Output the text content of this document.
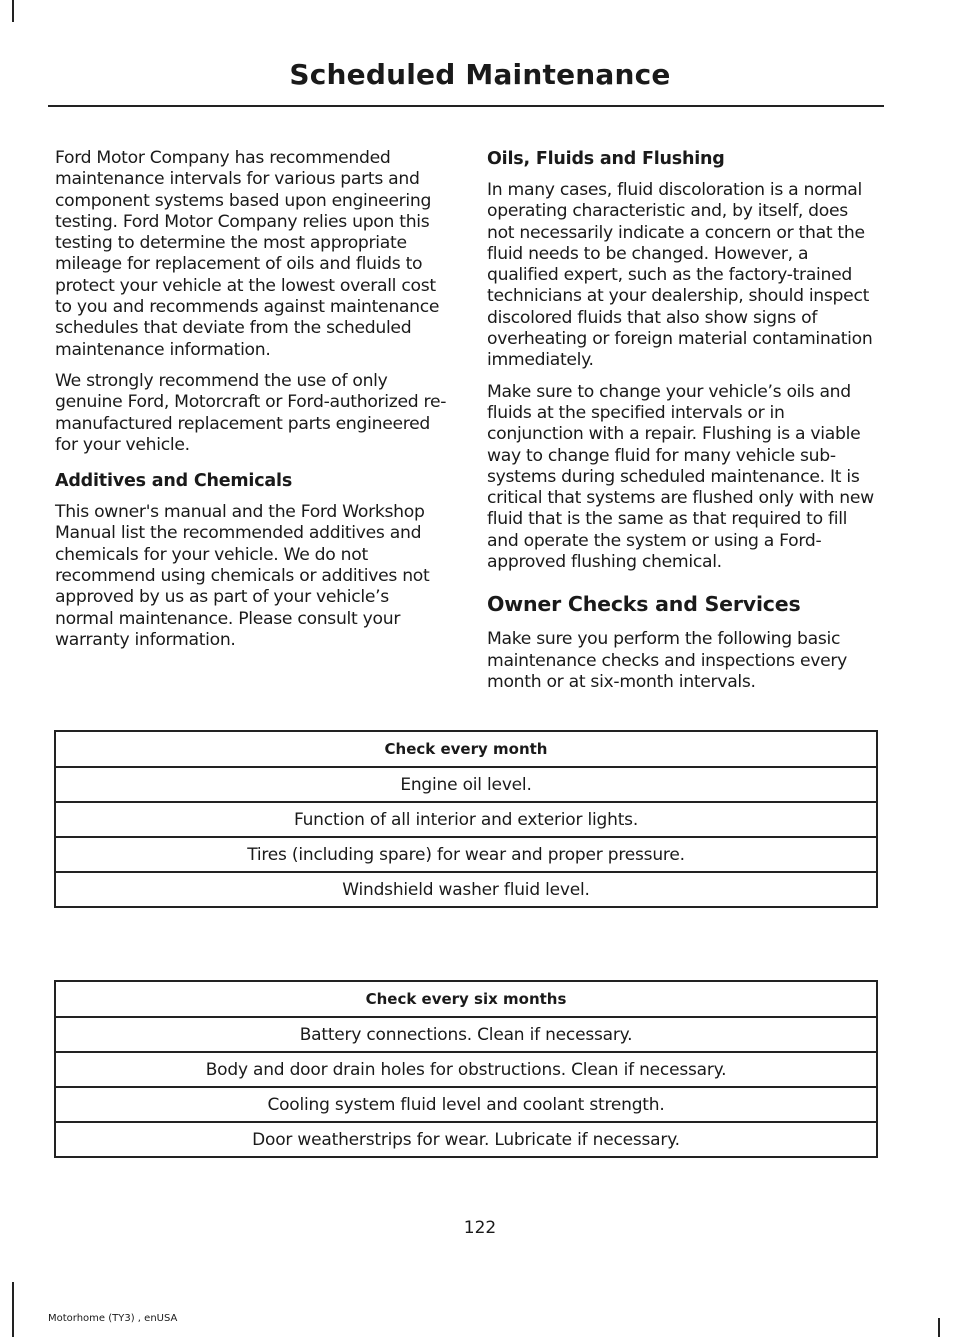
Scheduled Maintenance

Ford Motor Company has recommended maintenance intervals for various parts and component systems based upon engineering testing. Ford Motor Company relies upon this testing to determine the most appropriate mileage for replacement of oils and fluids to protect your vehicle at the lowest overall cost to you and recommends against maintenance schedules that deviate from the scheduled maintenance information.

We strongly recommend the use of only genuine Ford, Motorcraft or Ford-authorized re-manufactured replacement parts engineered for your vehicle.

Additives and Chemicals

This owner's manual and the Ford Workshop Manual list the recommended additives and chemicals for your vehicle. We do not recommend using chemicals or additives not approved by us as part of your vehicle’s normal maintenance. Please consult your warranty information.

Oils, Fluids and Flushing

In many cases, fluid discoloration is a normal operating characteristic and, by itself, does not necessarily indicate a concern or that the fluid needs to be changed. However, a qualified expert, such as the factory-trained technicians at your dealership, should inspect discolored fluids that also show signs of overheating or foreign material contamination immediately.

Make sure to change your vehicle’s oils and fluids at the specified intervals or in conjunction with a repair. Flushing is a viable way to change fluid for many vehicle sub-systems during scheduled maintenance. It is critical that systems are flushed only with new fluid that is the same as that required to fill and operate the system or using a Ford-approved flushing chemical.

Owner Checks and Services

Make sure you perform the following basic maintenance checks and inspections every month or at six-month intervals.

Check every month
Engine oil level.
Function of all interior and exterior lights.
Tires (including spare) for wear and proper pressure.
Windshield washer fluid level.
Check every six months
Battery connections. Clean if necessary.
Body and door drain holes for obstructions. Clean if necessary.
Cooling system fluid level and coolant strength.
Door weatherstrips for wear. Lubricate if necessary.
122
Motorhome (TY3) , enUSA
